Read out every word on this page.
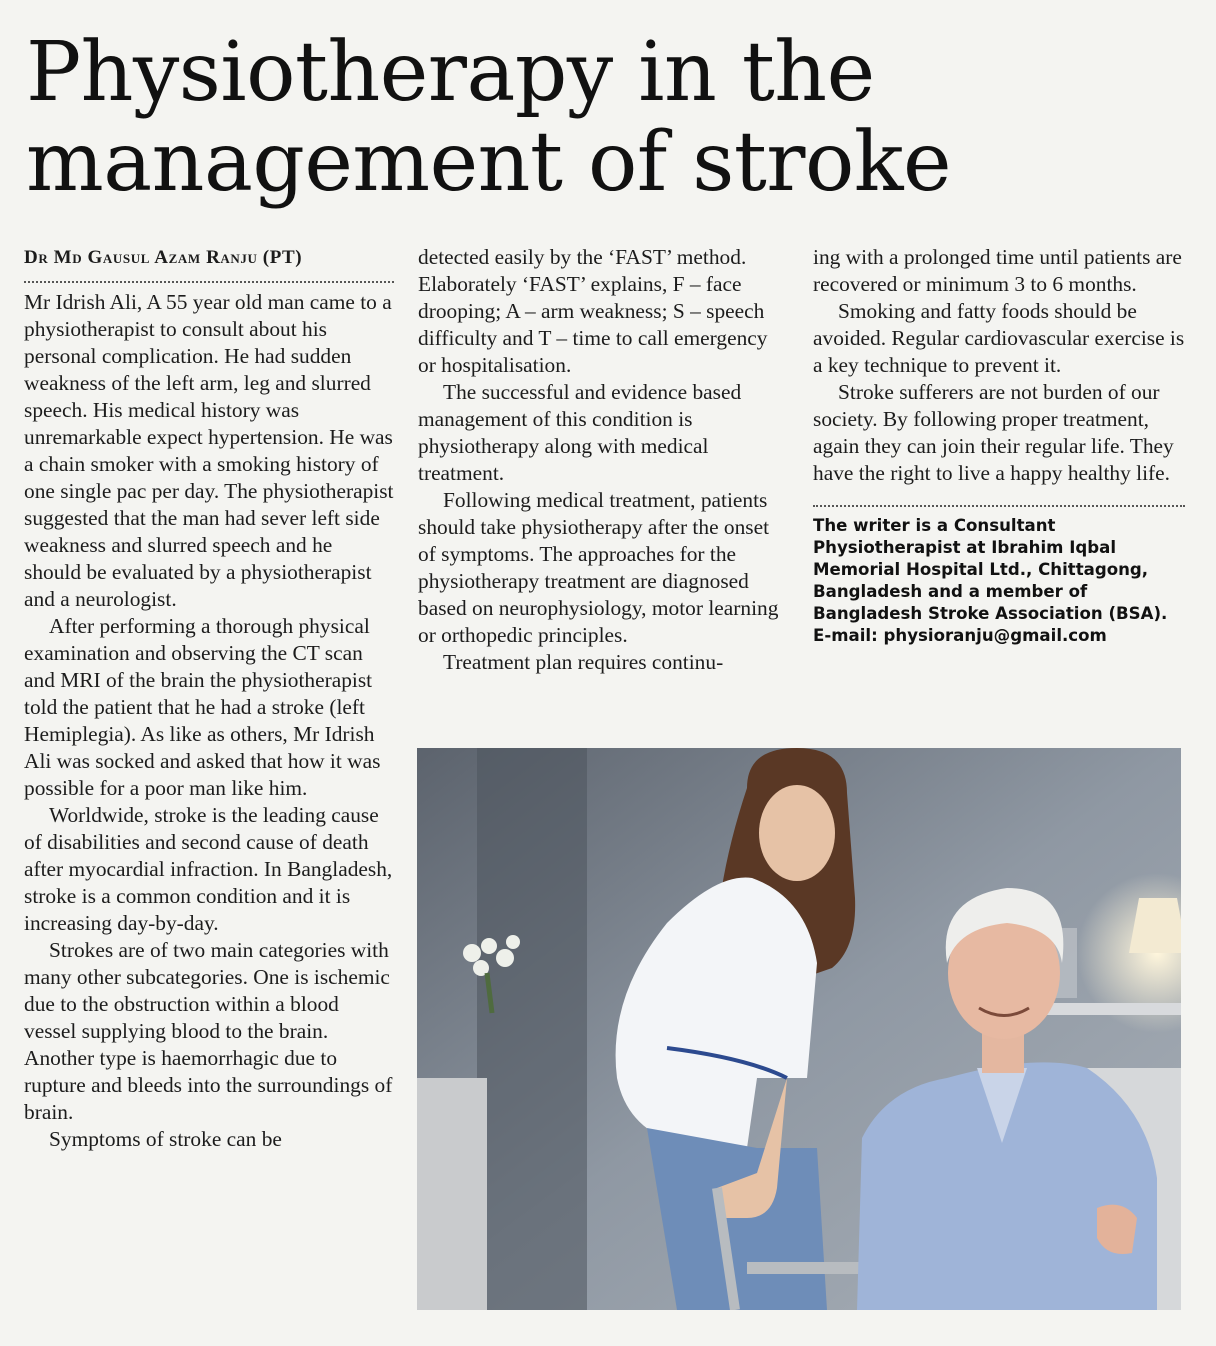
Physiotherapy in the
management of stroke
Dr Md Gausul Azam Ranju (PT)

Mr Idrish Ali, A 55 year old man came to a physiotherapist to consult about his personal complication. He had sudden weakness of the left arm, leg and slurred speech. His medical history was unremarkable expect hypertension. He was a chain smoker with a smoking history of one single pac per day. The physiotherapist suggested that the man had sever left side weakness and slurred speech and he should be evaluated by a physiotherapist and a neurologist.

After performing a thorough physical examination and observing the CT scan and MRI of the brain the physiotherapist told the patient that he had a stroke (left Hemiplegia). As like as others, Mr Idrish Ali was socked and asked that how it was possible for a poor man like him.

Worldwide, stroke is the leading cause of disabilities and second cause of death after myocardial infraction. In Bangladesh, stroke is a common condition and it is increasing day-by-day.

Strokes are of two main categories with many other subcategories. One is ischemic due to the obstruction within a blood vessel supplying blood to the brain. Another type is haemorrhagic due to rupture and bleeds into the surroundings of brain.

Symptoms of stroke can be

detected easily by the ‘FAST’ method. Elaborately ‘FAST’ explains, F – face drooping; A – arm weakness; S – speech difficulty and T – time to call emergency or hospitalisation.

The successful and evidence based management of this condition is physiotherapy along with medical treatment.

Following medical treatment, patients should take physiotherapy after the onset of symptoms. The approaches for the physiotherapy treatment are diagnosed based on neurophysiology, motor learning or orthopedic principles.

Treatment plan requires continu-

ing with a prolonged time until patients are recovered or minimum 3 to 6 months.

Smoking and fatty foods should be avoided. Regular cardiovascular exercise is a key technique to prevent it.

Stroke sufferers are not burden of our society. By following proper treatment, again they can join their regular life. They have the right to live a happy healthy life.

The writer is a Consultant Physiotherapist at Ibrahim Iqbal Memorial Hospital Ltd., Chittagong, Bangladesh and a member of Bangladesh Stroke Association (BSA). E-mail: physioranju@gmail.com
